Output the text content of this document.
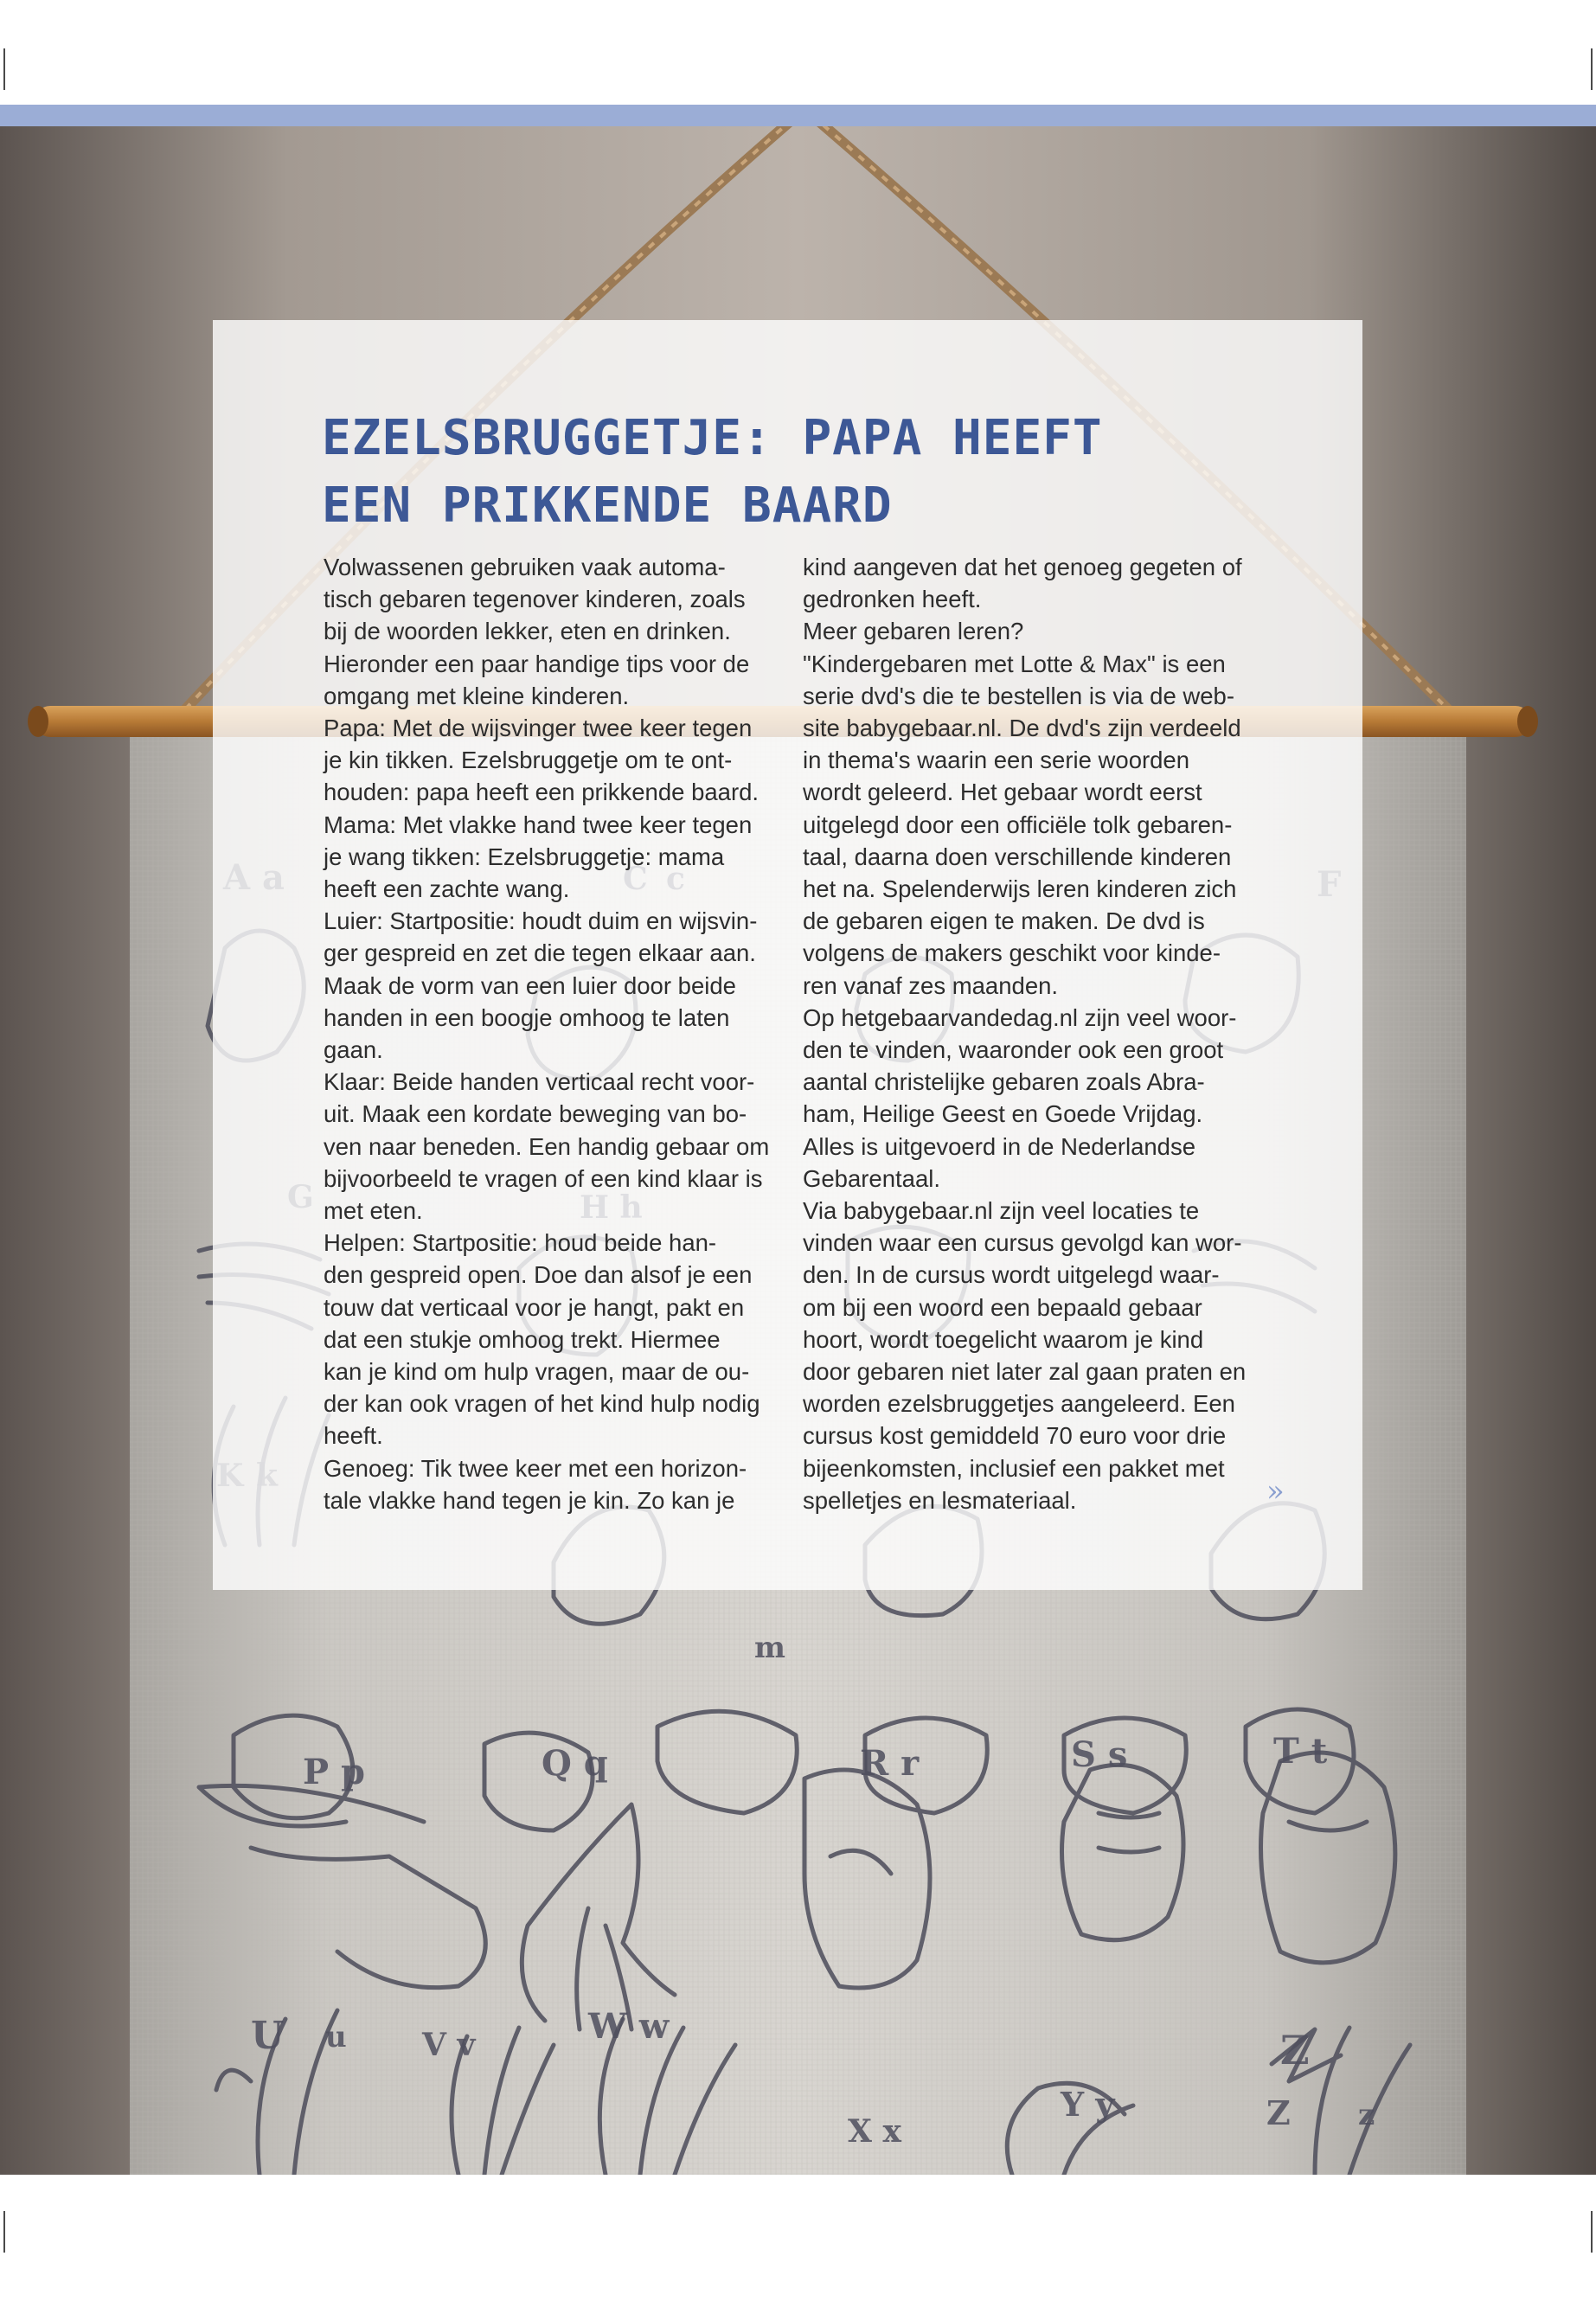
m
P p	Q q	R r	S s	T t
U u V v	W w
X x
Y y	Z z
Z
EZELSBRUGGETJE: PAPA HEEFT
EEN PRIKKENDE BAARD
Volwassenen gebruiken vaak automa-
tisch gebaren tegenover kinderen, zoals
bij de woorden lekker, eten en drinken.
Hieronder een paar handige tips voor de
omgang met kleine kinderen.
Papa: Met de wijsvinger twee keer tegen
je kin tikken. Ezelsbruggetje om te ont-
houden: papa heeft een prikkende baard.
Mama: Met vlakke hand twee keer tegen
je wang tikken: Ezelsbruggetje: mama
heeft een zachte wang.
Luier: Startpositie: houdt duim en wijsvin-
ger gespreid en zet die tegen elkaar aan.
Maak de vorm van een luier door beide
handen in een boogje omhoog te laten
gaan.
Klaar: Beide handen verticaal recht voor-
uit. Maak een kordate beweging van bo-
ven naar beneden. Een handig gebaar om
bijvoorbeeld te vragen of een kind klaar is
met eten.
Helpen: Startpositie: houd beide han-
den gespreid open. Doe dan alsof je een
touw dat verticaal voor je hangt, pakt en
dat een stukje omhoog trekt. Hiermee
kan je kind om hulp vragen, maar de ou-
der kan ook vragen of het kind hulp nodig
heeft.
Genoeg: Tik twee keer met een horizon-
tale vlakke hand tegen je kin. Zo kan je
kind aangeven dat het genoeg gegeten of
gedronken heeft.
Meer gebaren leren?
"Kindergebaren met Lotte & Max" is een
serie dvd's die te bestellen is via de web-
site babygebaar.nl. De dvd's zijn verdeeld
in thema's waarin een serie woorden
wordt geleerd. Het gebaar wordt eerst
uitgelegd door een officiële tolk gebaren-
taal, daarna doen verschillende kinderen
het na. Spelenderwijs leren kinderen zich
de gebaren eigen te maken. De dvd is
volgens de makers geschikt voor kinde-
ren vanaf zes maanden.
Op hetgebaarvandedag.nl zijn veel woor-
den te vinden, waaronder ook een groot
aantal christelijke gebaren zoals Abra-
ham, Heilige Geest en Goede Vrijdag.
Alles is uitgevoerd in de Nederlandse
Gebarentaal.
Via babygebaar.nl zijn veel locaties te
vinden waar een cursus gevolgd kan wor-
den. In de cursus wordt uitgelegd waar-
om bij een woord een bepaald gebaar
hoort, wordt toegelicht waarom je kind
door gebaren niet later zal gaan praten en
worden ezelsbruggetjes aangeleerd. Een
cursus kost gemiddeld 70 euro voor drie
bijeenkomsten, inclusief een pakket met
spelletjes en lesmateriaal.	»
